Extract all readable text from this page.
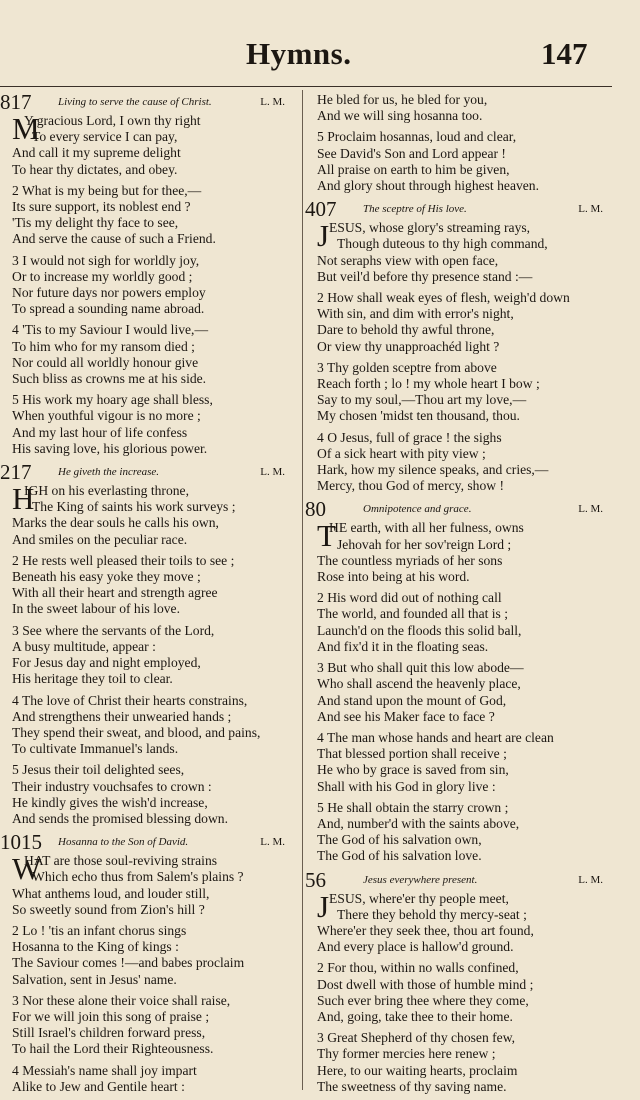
Hymns.	147
817 Living to serve the cause of Christ.	L. M.
M
Y gracious Lord, I own thy right
To every service I can pay,
And call it my supreme delight
To hear thy dictates, and obey.
2 What is my being but for thee,—
Its sure support, its noblest end ?
'Tis my delight thy face to see,
And serve the cause of such a Friend.
3 I would not sigh for worldly joy,
Or to increase my worldly good ;
Nor future days nor powers employ
To spread a sounding name abroad.
4 'Tis to my Saviour I would live,—
To him who for my ransom died ;
Nor could all worldly honour give
Such bliss as crowns me at his side.
5 His work my hoary age shall bless,
When youthful vigour is no more ;
And my last hour of life confess
His saving love, his glorious power.
217 He giveth the increase.	L. M.
H
IGH on his everlasting throne,
The King of saints his work surveys ;
Marks the dear souls he calls his own,
And smiles on the peculiar race.
2 He rests well pleased their toils to see ;
Beneath his easy yoke they move ;
With all their heart and strength agree
In the sweet labour of his love.
3 See where the servants of the Lord,
A busy multitude, appear :
For Jesus day and night employed,
His heritage they toil to clear.
4 The love of Christ their hearts constrains,
And strengthens their unwearied hands ;
They spend their sweat, and blood, and pains,
To cultivate Immanuel's lands.
5 Jesus their toil delighted sees,
Their industry vouchsafes to crown :
He kindly gives the wish'd increase,
And sends the promised blessing down.
1015 Hosanna to the Son of David.	L. M.
W
HAT are those soul-reviving strains
Which echo thus from Salem's plains ?
What anthems loud, and louder still,
So sweetly sound from Zion's hill ?
2 Lo ! 'tis an infant chorus sings
Hosanna to the King of kings :
The Saviour comes !—and babes proclaim
Salvation, sent in Jesus' name.
3 Nor these alone their voice shall raise,
For we will join this song of praise ;
Still Israel's children forward press,
To hail the Lord their Righteousness.
4 Messiah's name shall joy impart
Alike to Jew and Gentile heart :
He bled for us, he bled for you,
And we will sing hosanna too.
5 Proclaim hosannas, loud and clear,
See David's Son and Lord appear !
All praise on earth to him be given,
And glory shout through highest heaven.
407 The sceptre of His love.	L. M.
J ESUS, whose glory's streaming rays,
Though duteous to thy high command,
Not seraphs view with open face,
But veil'd before thy presence stand :—
2 How shall weak eyes of flesh, weigh'd down
With sin, and dim with error's night,
Dare to behold thy awful throne,
Or view thy unapproachéd light ?
3 Thy golden sceptre from above
Reach forth ; lo ! my whole heart I bow ;
Say to my soul,—Thou art my love,—
My chosen 'midst ten thousand, thou.
4 O Jesus, full of grace ! the sighs
Of a sick heart with pity view ;
Hark, how my silence speaks, and cries,—
Mercy, thou God of mercy, show !
80	Omnipotence and grace.	L. M.
T
HE earth, with all her fulness, owns
Jehovah for her sov'reign Lord ;
The countless myriads of her sons
Rose into being at his word.
2 His word did out of nothing call
The world, and founded all that is ;
Launch'd on the floods this solid ball,
And fix'd it in the floating seas.
3 But who shall quit this low abode—
Who shall ascend the heavenly place,
And stand upon the mount of God,
And see his Maker face to face ?
4 The man whose hands and heart are clean
That blessed portion shall receive ;
He who by grace is saved from sin,
Shall with his God in glory live :
5 He shall obtain the starry crown ;
And, number'd with the saints above,
The God of his salvation own,
The God of his salvation love.
56	Jesus everywhere present.	L. M.
J ESUS, where'er thy people meet,
There they behold thy mercy-seat ;
Where'er they seek thee, thou art found,
And every place is hallow'd ground.
2 For thou, within no walls confined,
Dost dwell with those of humble mind ;
Such ever bring thee where they come,
And, going, take thee to their home.
3 Great Shepherd of thy chosen few,
Thy former mercies here renew ;
Here, to our waiting hearts, proclaim
The sweetness of thy saving name.
